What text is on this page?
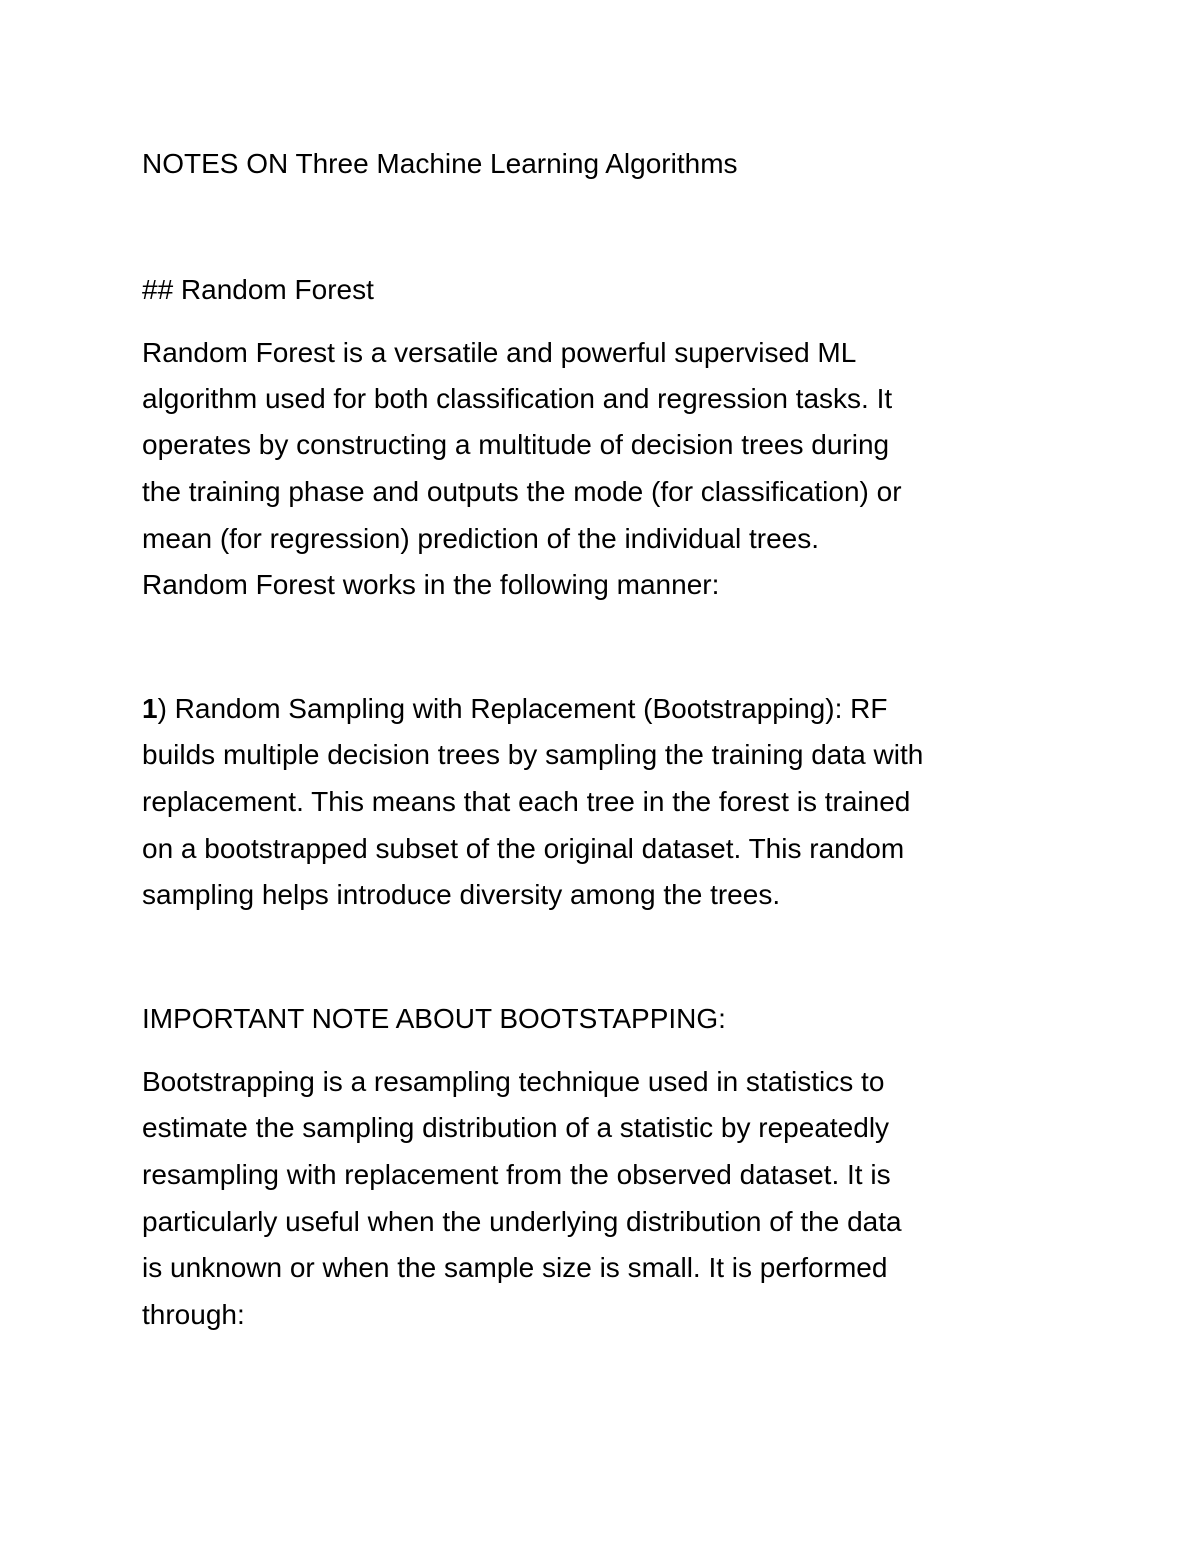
NOTES ON Three Machine Learning Algorithms
## Random Forest

Random Forest is a versatile and powerful supervised ML

algorithm used for both classification and regression tasks. It

operates by constructing a multitude of decision trees during

the training phase and outputs the mode (for classification) or

mean (for regression) prediction of the individual trees.

Random Forest works in the following manner:

1) Random Sampling with Replacement (Bootstrapping): RF

builds multiple decision trees by sampling the training data with

replacement. This means that each tree in the forest is trained

on a bootstrapped subset of the original dataset. This random

sampling helps introduce diversity among the trees.

IMPORTANT NOTE ABOUT BOOTSTAPPING:

Bootstrapping is a resampling technique used in statistics to

estimate the sampling distribution of a statistic by repeatedly

resampling with replacement from the observed dataset. It is

particularly useful when the underlying distribution of the data

is unknown or when the sample size is small. It is performed

through:
